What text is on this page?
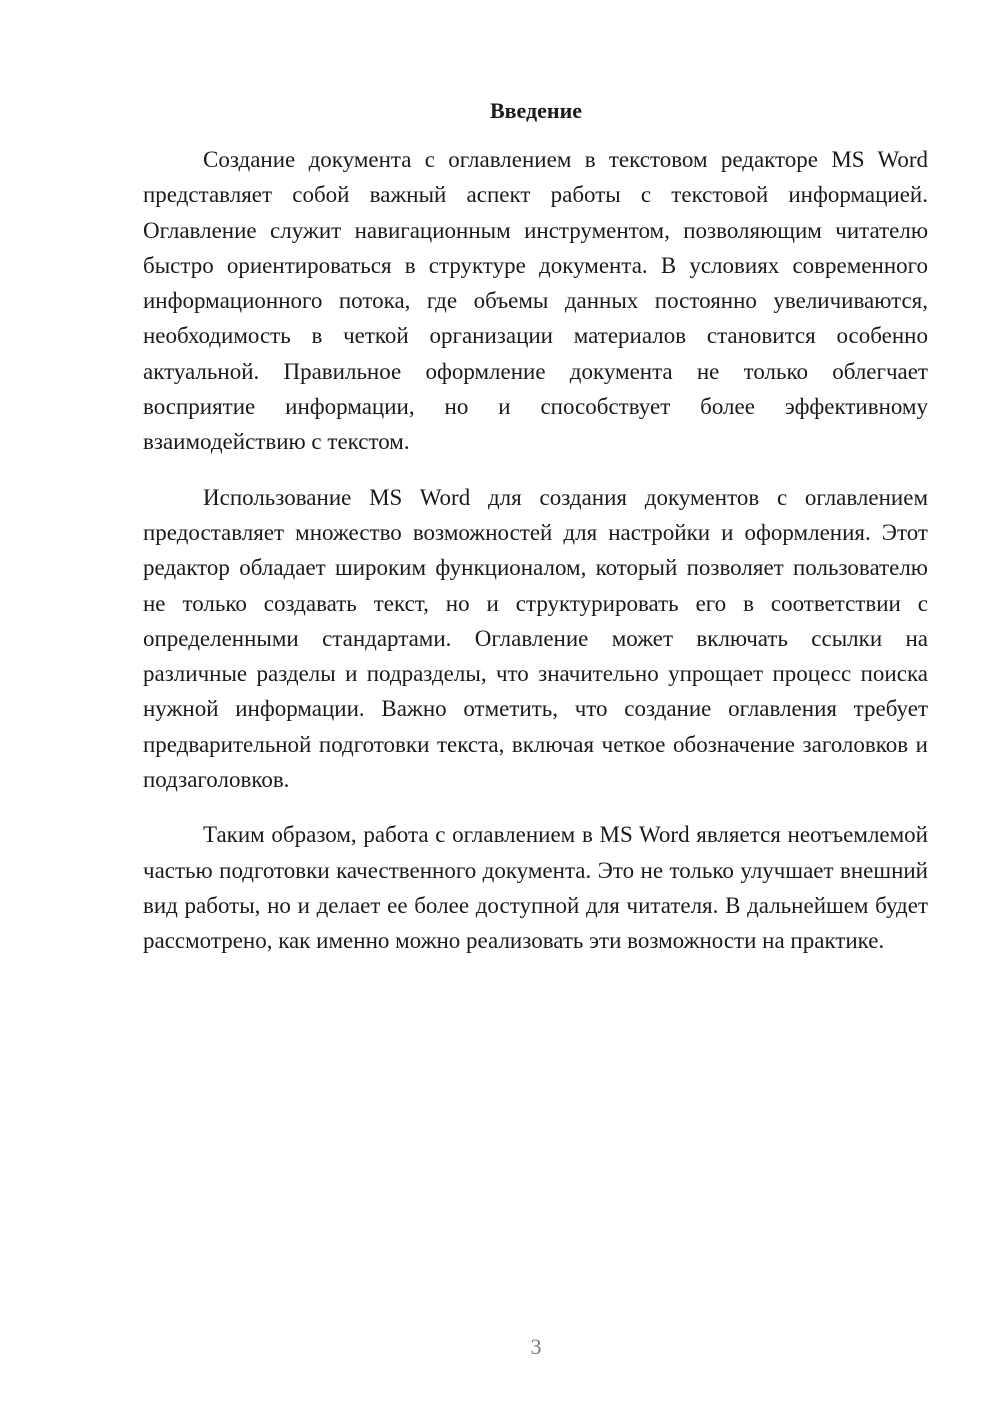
Введение

Создание документа с оглавлением в текстовом редакторе MS Word представляет собой важный аспект работы с текстовой информацией. Оглавление служит навигационным инструментом, позволяющим читателю быстро ориентироваться в структуре документа. В условиях современного информационного потока, где объемы данных постоянно увеличиваются, необходимость в четкой организации материалов становится особенно актуальной. Правильное оформление документа не только облегчает восприятие информации, но и способствует более эффективному взаимодействию с текстом.

Использование MS Word для создания документов с оглавлением предоставляет множество возможностей для настройки и оформления. Этот редактор обладает широким функционалом, который позволяет пользователю не только создавать текст, но и структурировать его в соответствии с определенными стандартами. Оглавление может включать ссылки на различные разделы и подразделы, что значительно упрощает процесс поиска нужной информации. Важно отметить, что создание оглавления требует предварительной подготовки текста, включая четкое обозначение заголовков и подзаголовков.

Таким образом, работа с оглавлением в MS Word является неотъемлемой частью подготовки качественного документа. Это не только улучшает внешний вид работы, но и делает ее более доступной для читателя. В дальнейшем будет рассмотрено, как именно можно реализовать эти возможности на практике.

3
